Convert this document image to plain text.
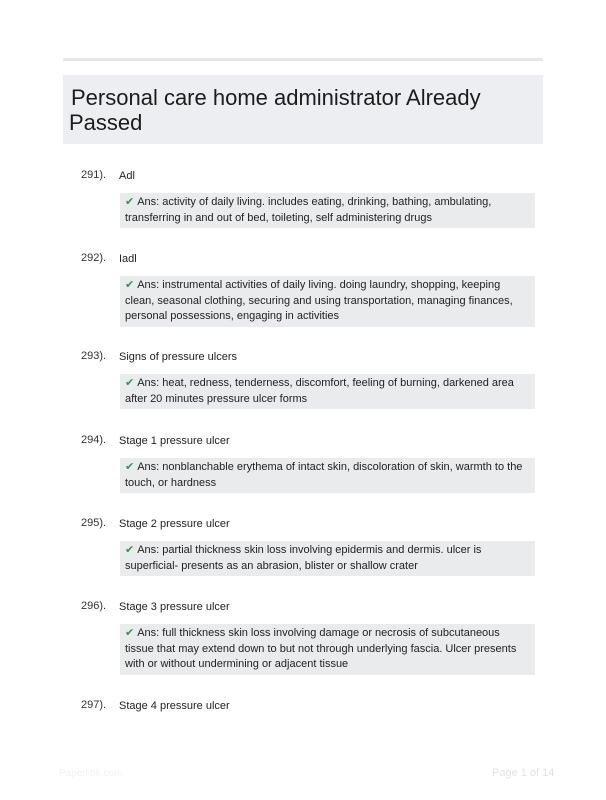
Personal care home administrator Already
Passed
291). Adl
✔ Ans: activity of daily living. includes eating, drinking, bathing, ambulating, transferring in and out of bed, toileting, self administering drugs
292). Iadl
✔ Ans: instrumental activities of daily living. doing laundry, shopping, keeping clean, seasonal clothing, securing and using transportation, managing finances, personal possessions, engaging in activities
293). Signs of pressure ulcers
✔ Ans: heat, redness, tenderness, discomfort, feeling of burning, darkened area after 20 minutes pressure ulcer forms
294). Stage 1 pressure ulcer
✔ Ans: nonblanchable erythema of intact skin, discoloration of skin, warmth to the touch, or hardness
295). Stage 2 pressure ulcer
✔ Ans: partial thickness skin loss involving epidermis and dermis. ulcer is superficial- presents as an abrasion, blister or shallow crater
296). Stage 3 pressure ulcer
✔ Ans: full thickness skin loss involving damage or necrosis of subcutaneous tissue that may extend down to but not through underlying fascia. Ulcer presents with or without undermining or adjacent tissue
297). Stage 4 pressure ulcer
Paperlibk.com	Page 1 of 14
